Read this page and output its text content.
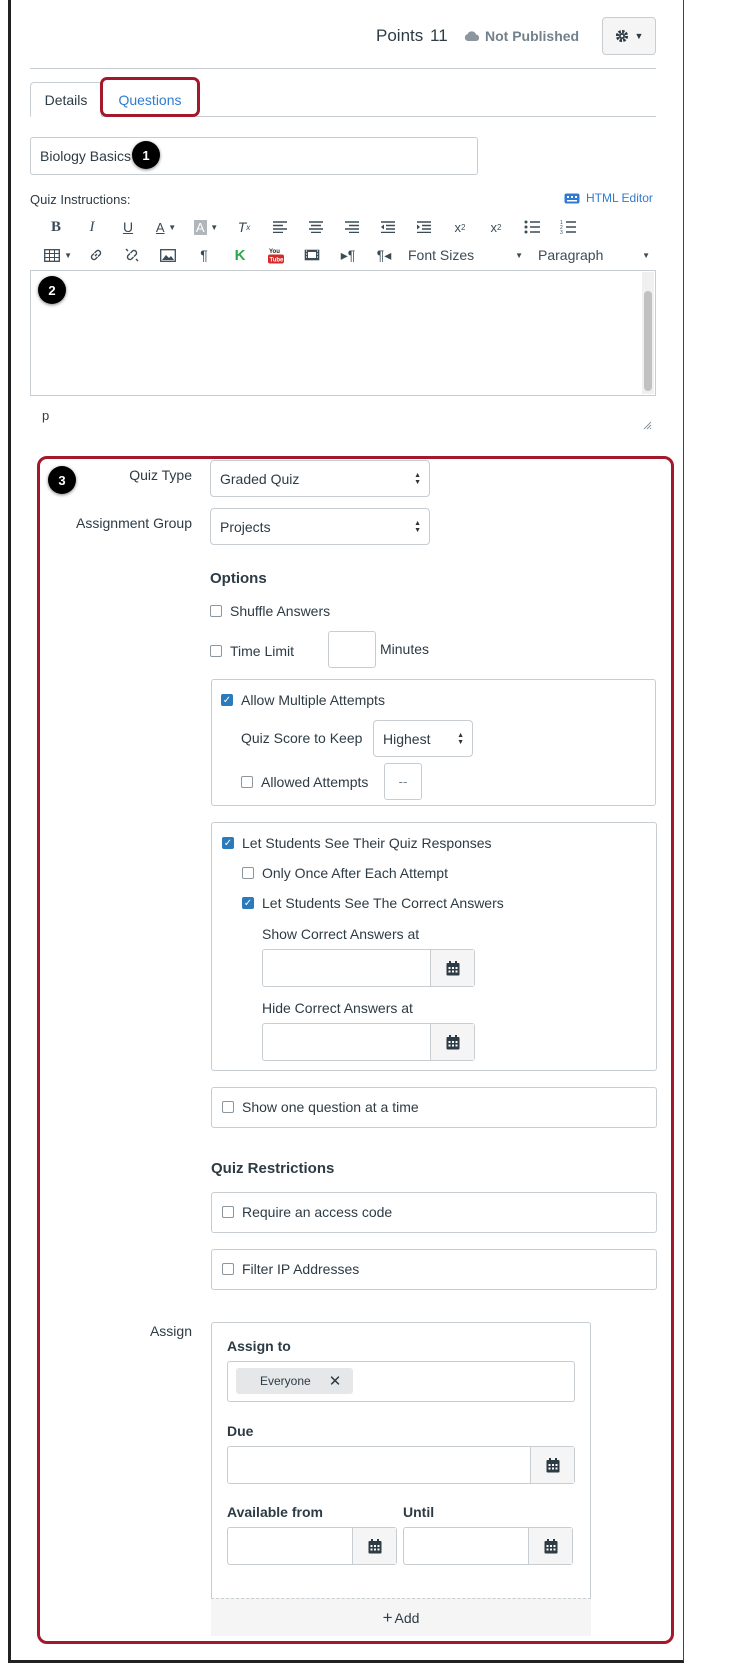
Points 11	Not Published	▼
Details	Questions
Biology Basics 1
Quiz Instructions:	HTML Editor
B	I	U	A
▼ A
▼	T x	x 2	x 2	1
2
3

▼	¶	K	You
Tube	▸¶	¶◂	Font Sizes	▼ Paragraph	▼
2
p
3	Quiz Type Graded Quiz	▲
▼
Assignment Group Projects	▲
▼
Options
Shuffle Answers
Time Limit	Minutes
✓ Allow Multiple Attempts
Quiz Score to Keep Highest	▲
▼
Allowed Attempts	--
✓ Let Students See Their Quiz Responses
Only Once After Each Attempt
✓ Let Students See The Correct Answers
Show Correct Answers at
Hide Correct Answers at
Show one question at a time
Quiz Restrictions
Require an access code
Filter IP Addresses
Assign
Assign to
Everyone ✕
Due
Available from	Until
+ Add
